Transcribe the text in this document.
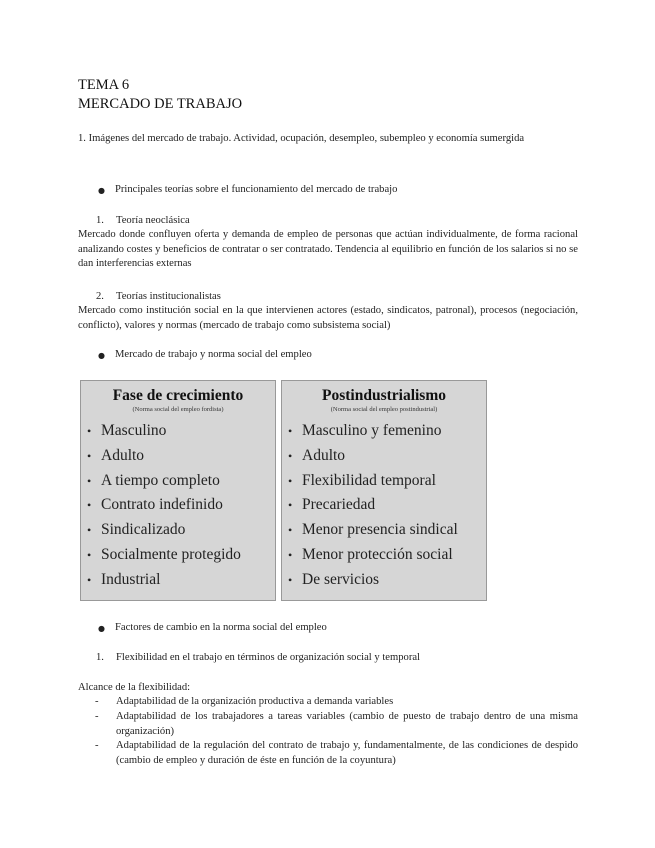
TEMA 6
MERCADO DE TRABAJO
1. Imágenes del mercado de trabajo. Actividad, ocupación, desempleo, subempleo y economía sumergida
● Principales teorías sobre el funcionamiento del mercado de trabajo
1. Teoría neoclásica
Mercado donde confluyen oferta y demanda de empleo de personas que actúan individualmente, de forma racional analizando costes y beneficios de contratar o ser contratado. Tendencia al equilibrio en función de los salarios si no se dan interferencias externas
2. Teorías institucionalistas
Mercado como institución social en la que intervienen actores (estado, sindicatos, patronal), procesos (negociación, conflicto), valores y normas (mercado de trabajo como subsistema social)
● Mercado de trabajo y norma social del empleo
Fase de crecimiento
(Norma social del empleo fordista)
• Masculino
• Adulto
• A tiempo completo
• Contrato indefinido
• Sindicalizado
• Socialmente protegido
• Industrial
Postindustrialismo
(Norma social del empleo postindustrial)
• Masculino y femenino
• Adulto
• Flexibilidad temporal
• Precariedad
• Menor presencia sindical
• Menor protección social
• De servicios
● Factores de cambio en la norma social del empleo
1. Flexibilidad en el trabajo en términos de organización social y temporal
Alcance de la flexibilidad:
- Adaptabilidad de la organización productiva a demanda variables
- Adaptabilidad de los trabajadores a tareas variables (cambio de puesto de trabajo dentro de una misma organización)
- Adaptabilidad de la regulación del contrato de trabajo y, fundamentalmente, de las condiciones de despido (cambio de empleo y duración de éste en función de la coyuntura)
